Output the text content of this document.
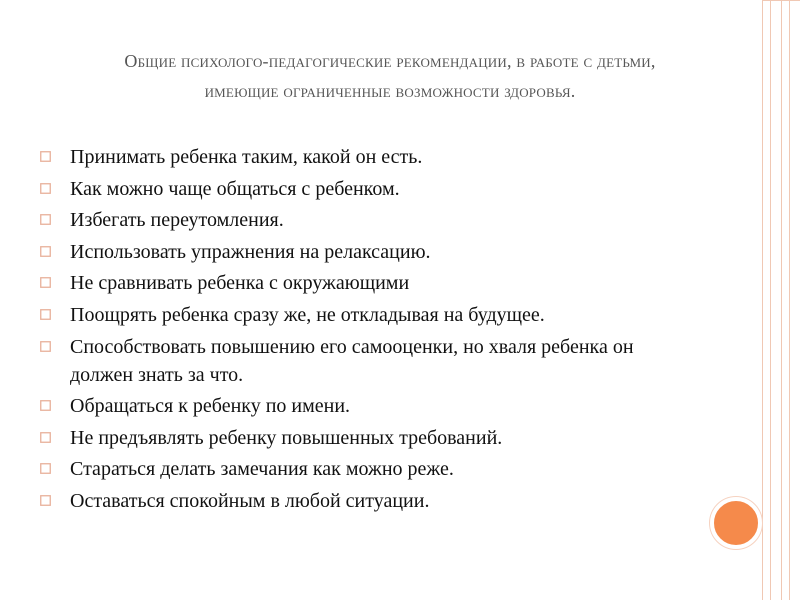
Общие психолого-педагогические рекомендации, в работе с детьми,
имеющие ограниченные возможности здоровья.
Принимать ребенка таким, какой он есть.
Как можно чаще общаться с ребенком.
Избегать переутомления.
Использовать упражнения на релаксацию.
Не сравнивать ребенка с окружающими
Поощрять ребенка сразу же, не откладывая на будущее.
Способствовать повышению его самооценки, но хваля ребенка он должен знать за что.
Обращаться к ребенку по имени.
Не предъявлять ребенку повышенных требований.
Стараться делать замечания как можно реже.
Оставаться спокойным в любой ситуации.
